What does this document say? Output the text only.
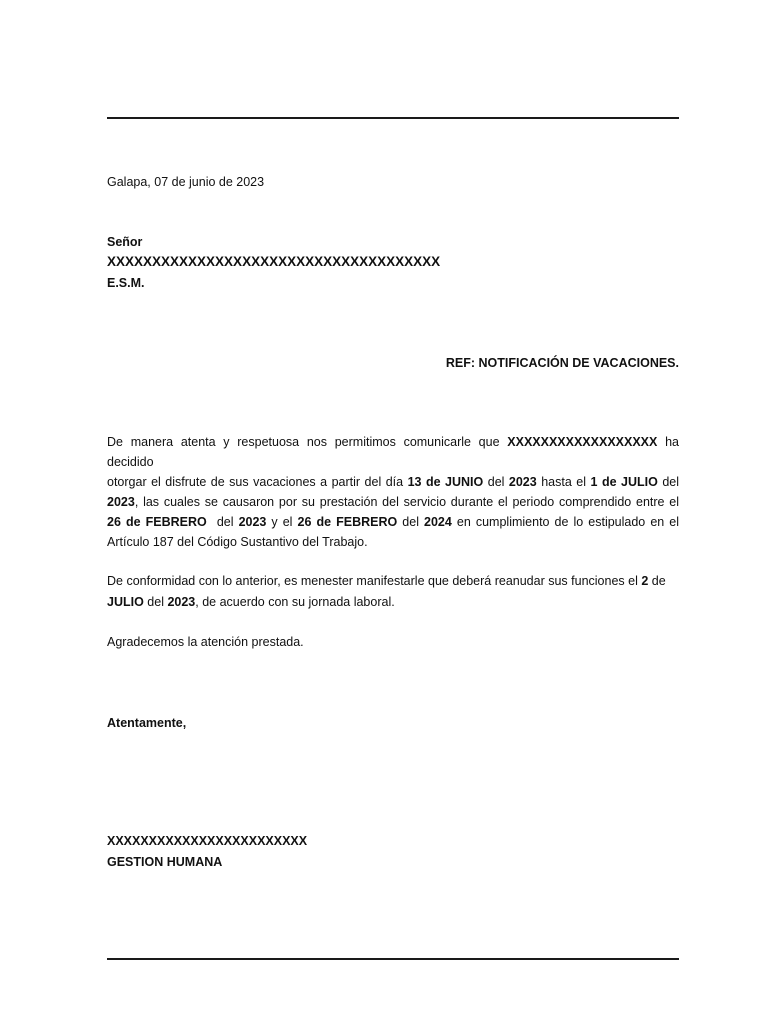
Galapa, 07 de junio de 2023
Señor
XXXXXXXXXXXXXXXXXXXXXXXXXXXXXXXXXXXXX
E.S.M.
REF: NOTIFICACIÓN DE VACACIONES.
De manera atenta y respetuosa nos permitimos comunicarle que XXXXXXXXXXXXXXXXXX ha
decidido
otorgar el disfrute de sus vacaciones a partir del día 13 de JUNIO del 2023 hasta el 1 de JULIO del
2023, las cuales se causaron por su prestación del servicio durante el periodo comprendido entre el
26 de FEBRERO  del 2023 y el 26 de FEBRERO del 2024 en cumplimiento de lo estipulado en el
Artículo 187 del Código Sustantivo del Trabajo.
De conformidad con lo anterior, es menester manifestarle que deberá reanudar sus funciones el 2 de
JULIO del 2023, de acuerdo con su jornada laboral.
Agradecemos la atención prestada.
Atentamente,
XXXXXXXXXXXXXXXXXXXXXXXX
GESTION HUMANA
